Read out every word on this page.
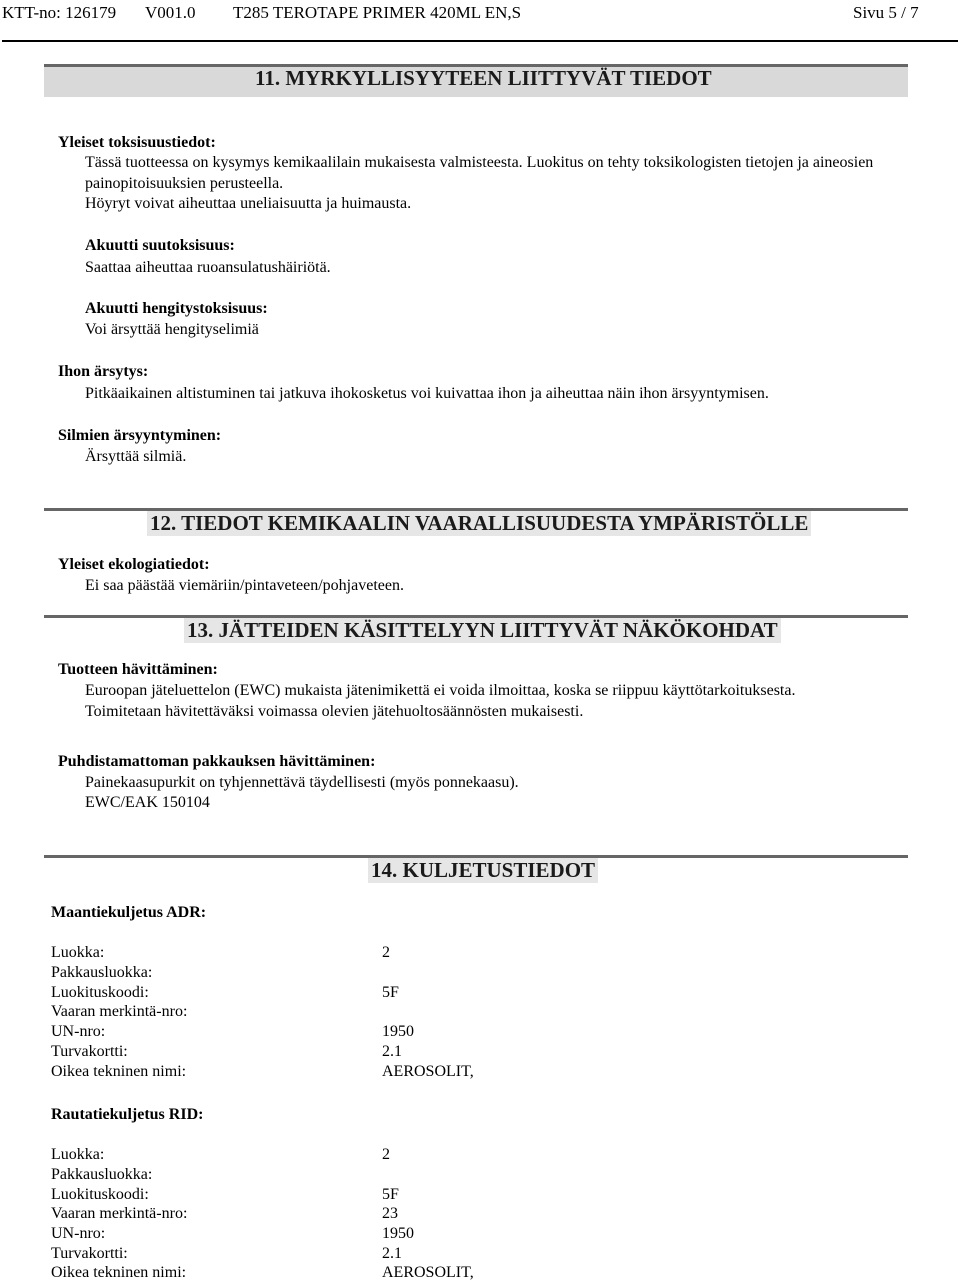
KTT-no: 126179 V001.0 T285 TEROTAPE PRIMER 420ML EN,S	Sivu 5 / 7
11. MYRKYLLISYYTEEN LIITTYVÄT TIEDOT
Yleiset toksisuustiedot:
Tässä tuotteessa on kysymys kemikaalilain mukaisesta valmisteesta. Luokitus on tehty toksikologisten tietojen ja aineosien
painopitoisuuksien perusteella.
Höyryt voivat aiheuttaa uneliaisuutta ja huimausta.
Akuutti suutoksisuus:
Saattaa aiheuttaa ruoansulatushäiriötä.
Akuutti hengitystoksisuus:
Voi ärsyttää hengityselimiä
Ihon ärsytys:
Pitkäaikainen altistuminen tai jatkuva ihokosketus voi kuivattaa ihon ja aiheuttaa näin ihon ärsyyntymisen.
Silmien ärsyyntyminen:
Ärsyttää silmiä.
12. TIEDOT KEMIKAALIN VAARALLISUUDESTA YMPÄRISTÖLLE
Yleiset ekologiatiedot:
Ei saa päästää viemäriin/pintaveteen/pohjaveteen.
13. JÄTTEIDEN KÄSITTELYYN LIITTYVÄT NÄKÖKOHDAT
Tuotteen hävittäminen:
Euroopan jäteluettelon (EWC) mukaista jätenimikettä ei voida ilmoittaa, koska se riippuu käyttötarkoituksesta.
Toimitetaan hävitettäväksi voimassa olevien jätehuoltosäännösten mukaisesti.
Puhdistamattoman pakkauksen hävittäminen:
Painekaasupurkit on tyhjennettävä täydellisesti (myös ponnekaasu).
EWC/EAK 150104
14. KULJETUSTIEDOT
Maantiekuljetus ADR:
Luokka:	2
Pakkausluokka:
Luokituskoodi:	5F
Vaaran merkintä-nro:
UN-nro:	1950
Turvakortti:	2.1
Oikea tekninen nimi:	AEROSOLIT,
Rautatiekuljetus RID:
Luokka:	2
Pakkausluokka:
Luokituskoodi:	5F
Vaaran merkintä-nro:	23
UN-nro:	1950
Turvakortti:	2.1
Oikea tekninen nimi:	AEROSOLIT,
